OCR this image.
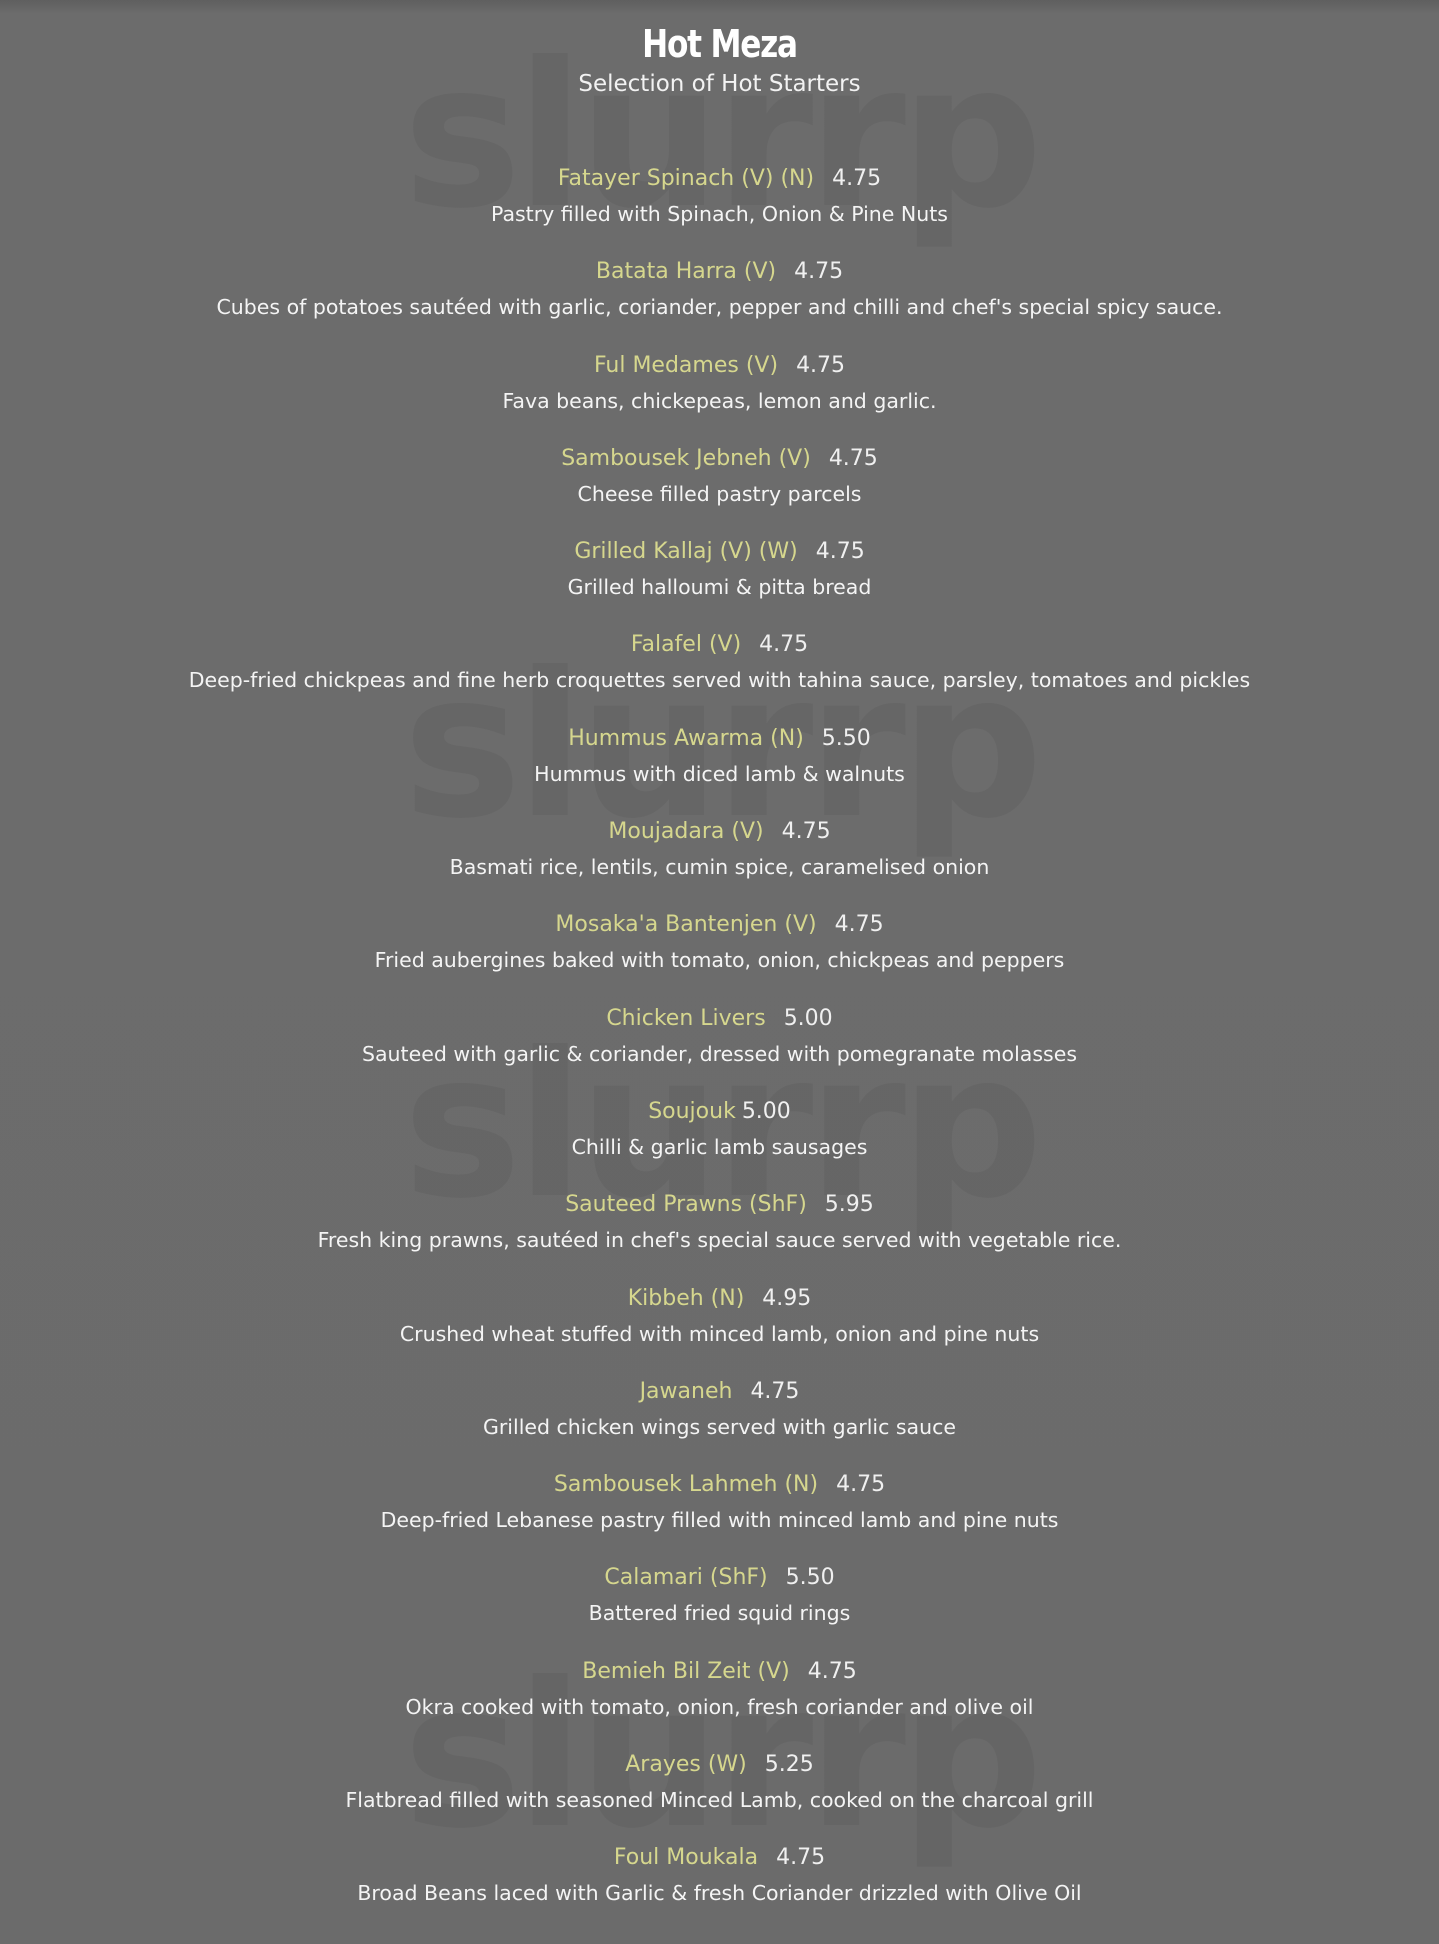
Hot Meza
Selection of Hot Starters
Fatayer Spinach (V) (N) 4.75
Pastry filled with Spinach, Onion & Pine Nuts
Batata Harra (V) 4.75
Cubes of potatoes sautéed with garlic, coriander, pepper and chilli and chef's special spicy sauce.
Ful Medames (V) 4.75
Fava beans, chickepeas, lemon and garlic.
Sambousek Jebneh (V) 4.75
Cheese filled pastry parcels
Grilled Kallaj (V) (W) 4.75
Grilled halloumi & pitta bread
Falafel (V) 4.75
Deep-fried chickpeas and fine herb croquettes served with tahina sauce, parsley, tomatoes and pickles
Hummus Awarma (N) 5.50
Hummus with diced lamb & walnuts
Moujadara (V) 4.75
Basmati rice, lentils, cumin spice, caramelised onion
Mosaka'a Bantenjen (V) 4.75
Fried aubergines baked with tomato, onion, chickpeas and peppers
Chicken Livers 5.00
Sauteed with garlic & coriander, dressed with pomegranate molasses
Soujouk 5.00
Chilli & garlic lamb sausages
Sauteed Prawns (ShF) 5.95
Fresh king prawns, sautéed in chef's special sauce served with vegetable rice.
Kibbeh (N) 4.95
Crushed wheat stuffed with minced lamb, onion and pine nuts
Jawaneh 4.75
Grilled chicken wings served with garlic sauce
Sambousek Lahmeh (N) 4.75
Deep-fried Lebanese pastry filled with minced lamb and pine nuts
Calamari (ShF) 5.50
Battered fried squid rings
Bemieh Bil Zeit (V) 4.75
Okra cooked with tomato, onion, fresh coriander and olive oil
Arayes (W) 5.25
Flatbread filled with seasoned Minced Lamb, cooked on the charcoal grill
Foul Moukala 4.75
Broad Beans laced with Garlic & fresh Coriander drizzled with Olive Oil
